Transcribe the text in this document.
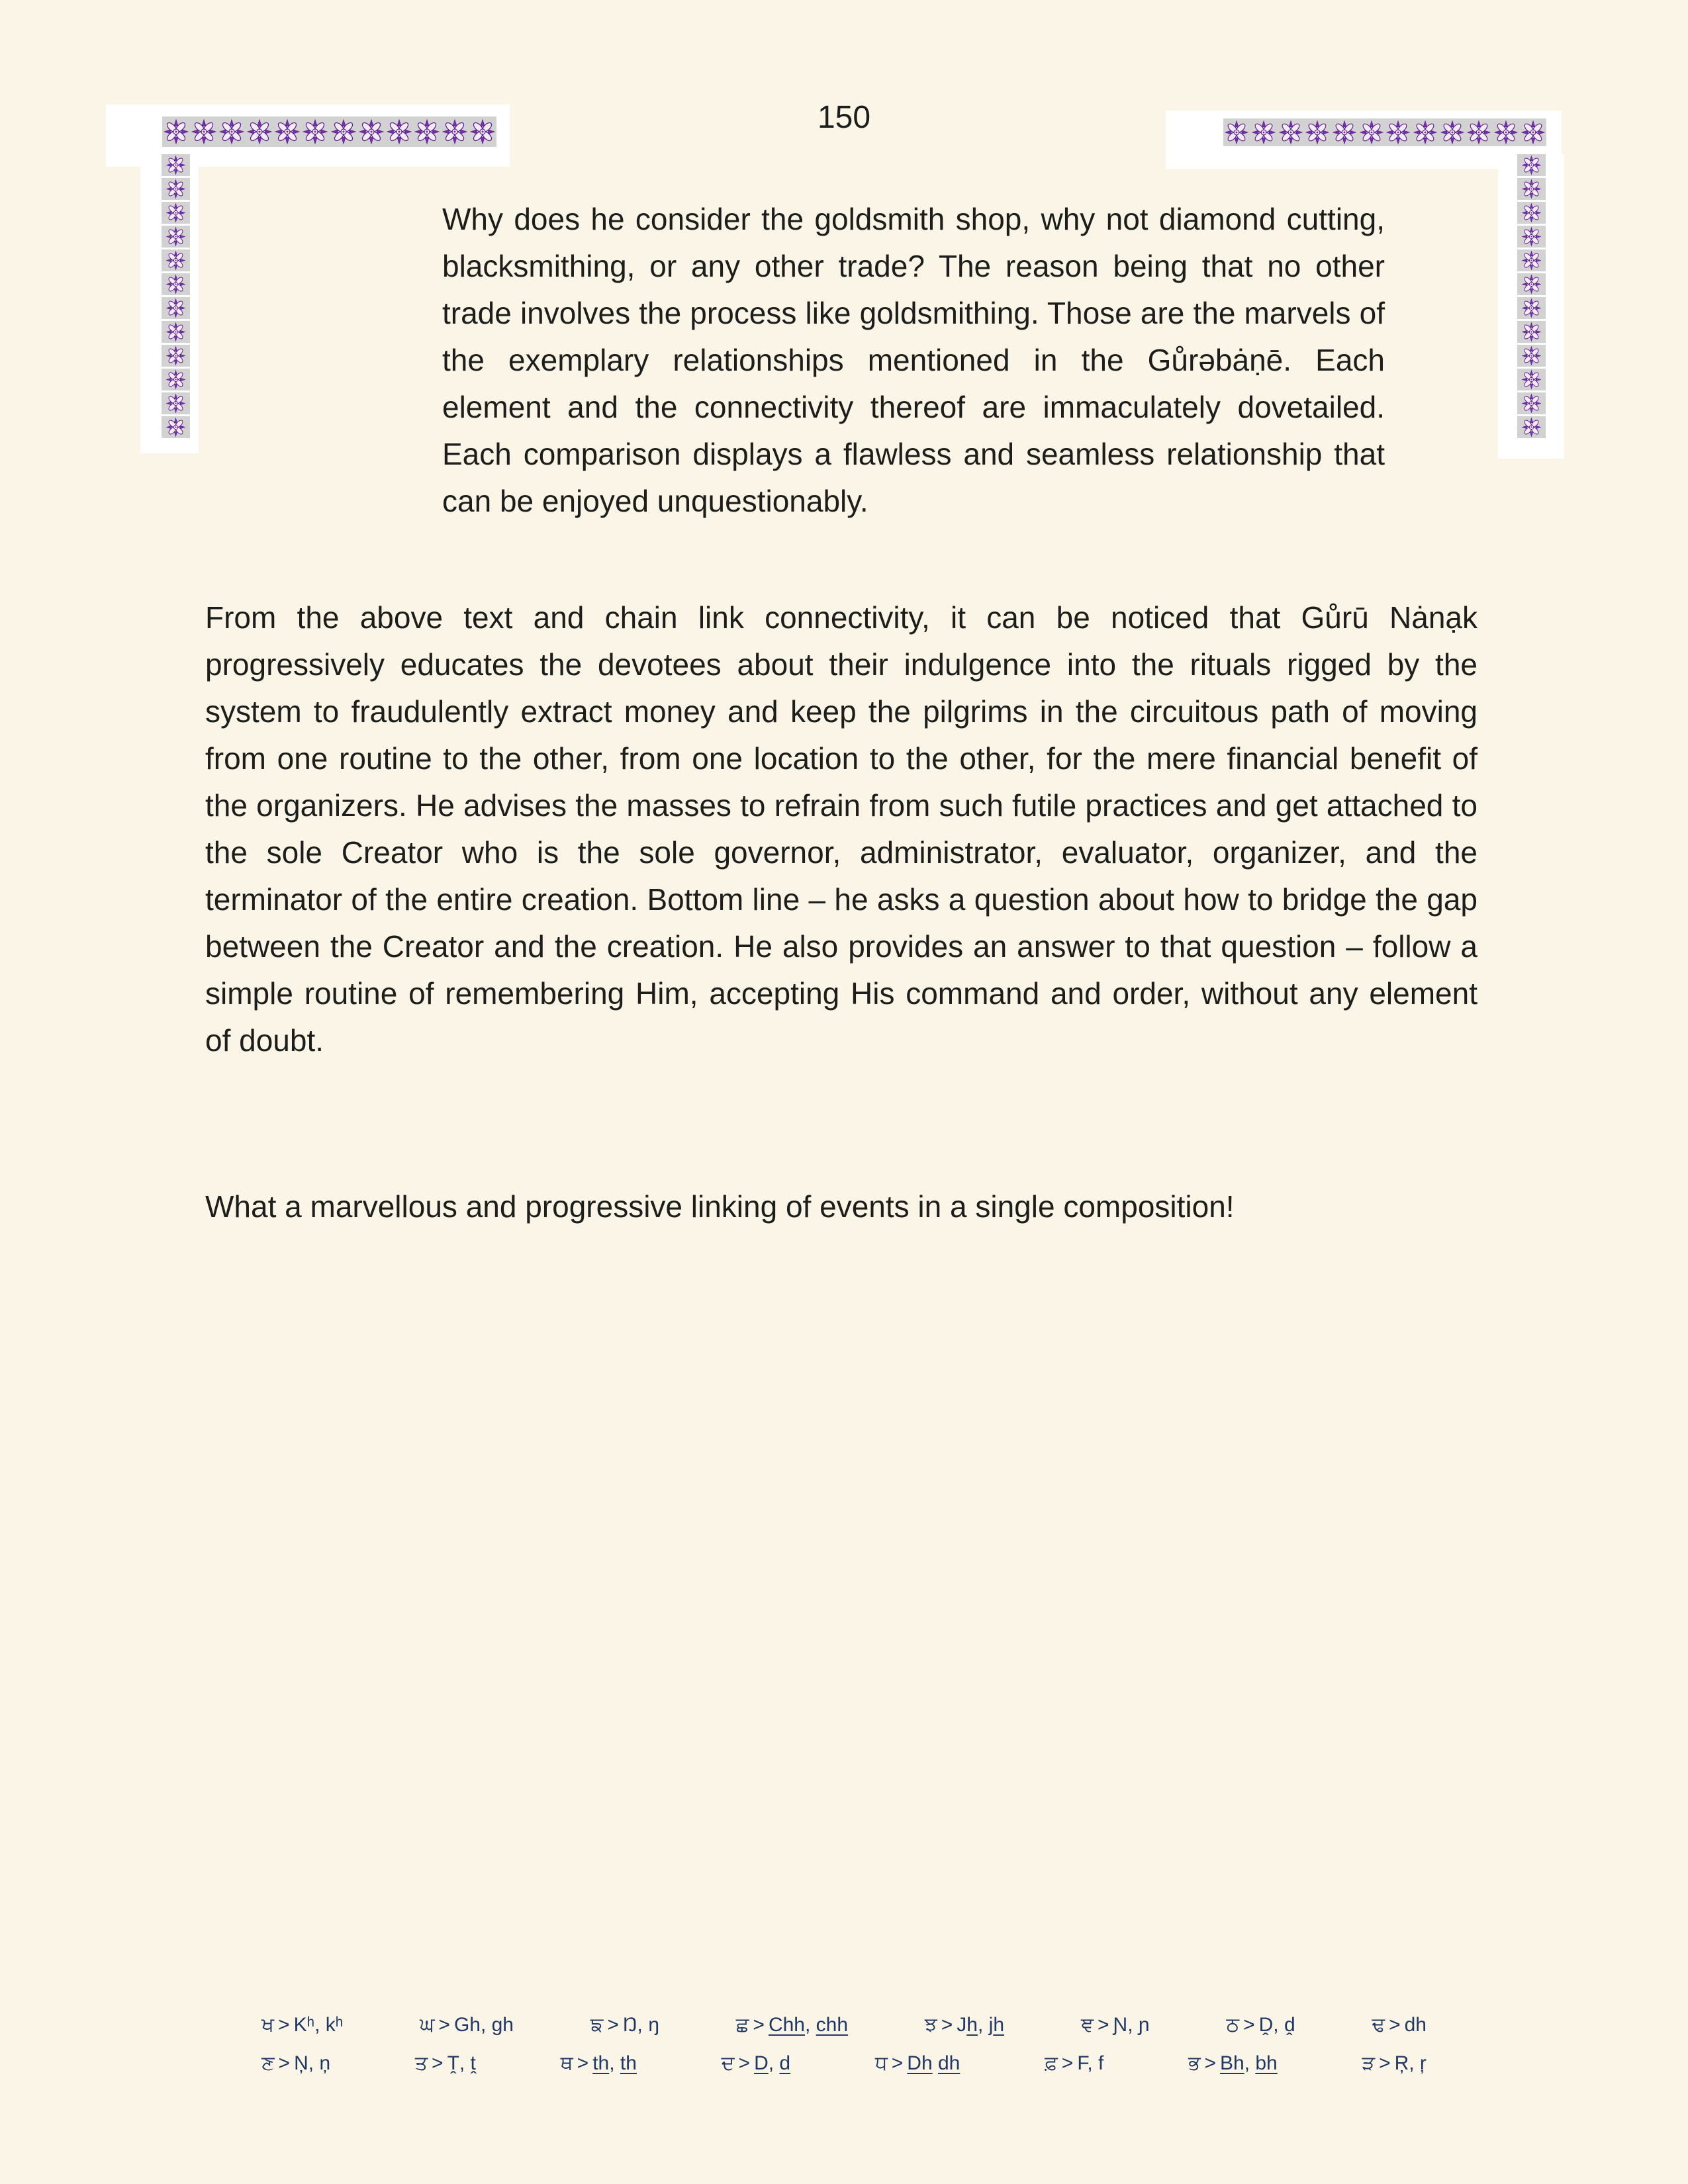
150
Why does he consider the goldsmith shop, why not diamond cutting, blacksmithing, or any other trade? The reason being that no other trade involves the process like goldsmithing. Those are the marvels of the exemplary relationships mentioned in the Gůrəbȧṇē. Each element and the connectivity thereof are immaculately dovetailed. Each comparison displays a flawless and seamless relationship that can be enjoyed unquestionably.
From the above text and chain link connectivity, it can be noticed that Gůrū Nȧnạk progressively educates the devotees about their indulgence into the rituals rigged by the system to fraudulently extract money and keep the pilgrims in the circuitous path of moving from one routine to the other, from one location to the other, for the mere financial benefit of the organizers. He advises the masses to refrain from such futile practices and get attached to the sole Creator who is the sole governor, administrator, evaluator, organizer, and the terminator of the entire creation. Bottom line – he asks a question about how to bridge the gap between the Creator and the creation. He also provides an answer to that question – follow a simple routine of remembering Him, accepting His command and order, without any element of doubt.
What a marvellous and progressive linking of events in a single composition!
ਖ > Kʰ, kʰ	ਘ > Gh, gh	ਙ > Ŋ, ŋ	ਛ > Chh, chh	ਝ > Jh, jh	ਞ > Ɲ, ɲ	ਠ > Ḓ, ḓ	ਢ > dh
ਣ > Ņ, ņ	ਤ > Ṱ, ṱ	ਥ > th, th	ਦ > D, d	ਧ > Dh dh	ਫ਼ > F, f	ਭ > Bh, bh	ੜ > Ŗ, ŗ
